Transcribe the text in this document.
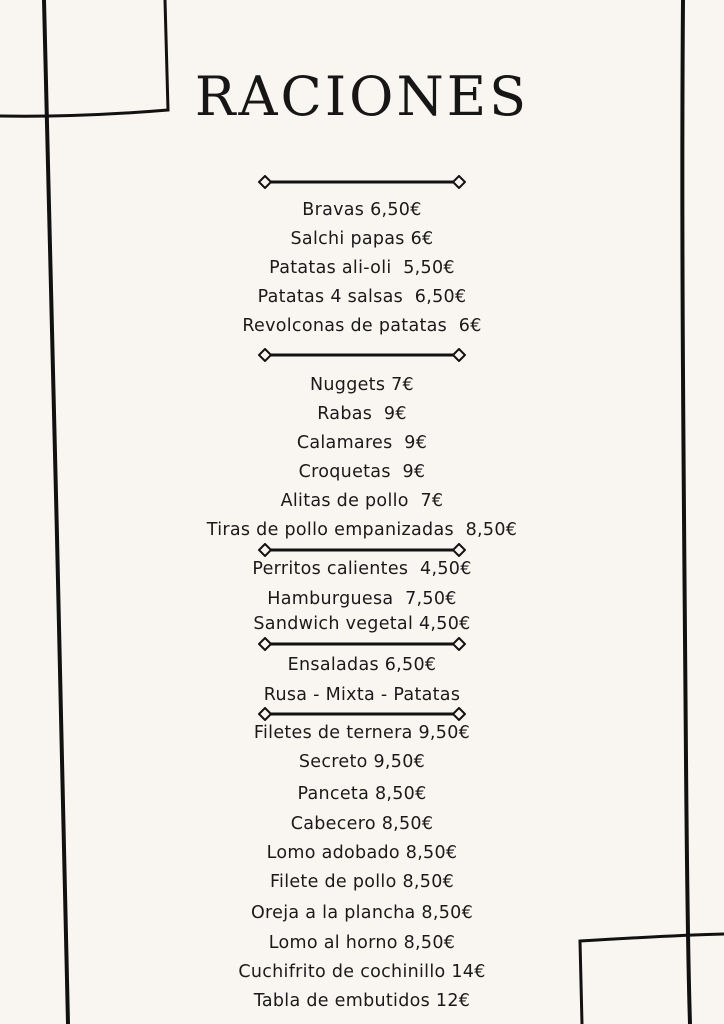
RACIONES
Bravas 6,50€
Salchi papas 6€
Patatas ali-oli  5,50€
Patatas 4 salsas  6,50€
Revolconas de patatas  6€
Nuggets 7€
Rabas  9€
Calamares  9€
Croquetas  9€
Alitas de pollo  7€
Tiras de pollo empanizadas  8,50€
Perritos calientes  4,50€
Hamburguesa  7,50€
Sandwich vegetal 4,50€
Ensaladas 6,50€
Rusa - Mixta - Patatas
Filetes de ternera 9,50€
Secreto 9,50€
Panceta 8,50€
Cabecero 8,50€
Lomo adobado 8,50€
Filete de pollo 8,50€
Oreja a la plancha 8,50€
Lomo al horno 8,50€
Cuchifrito de cochinillo 14€
Tabla de embutidos 12€
